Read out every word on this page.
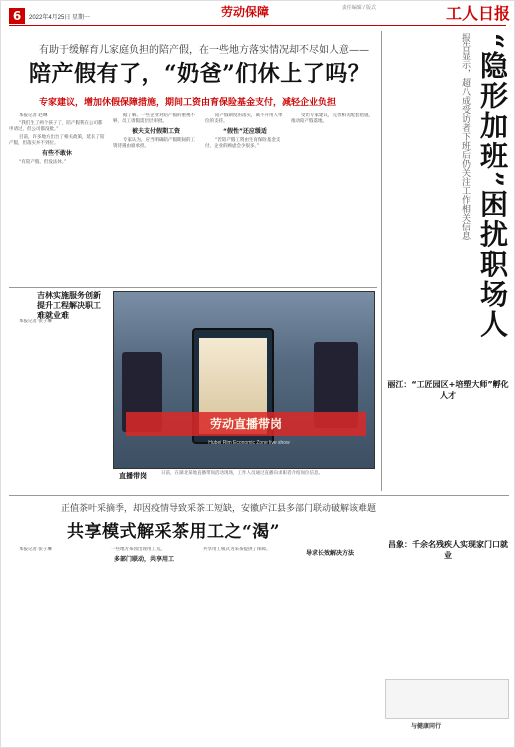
6	2022年4月25日 星期一	劳动保障	责任编辑 / 版式	工人日报
有助于缓解育儿家庭负担的陪产假，在一些地方落实情况却不尽如人意——
陪产假有了，“奶爸”们休上了吗？
专家建议，增加休假保障措施，期间工资由育保险基金支付，减轻企业负担

本报记者 赵琳

“我们生了两个孩子了，陪产假我在公司都申请过，但公司都没批。”

目前，许多地方出台了相关政策，延长了陪产假，但落实并不到位。

有些不敢休

“有陪产假，但没法休。”

据了解，一些企业对陪产假的重视不够，员工请假需层层审批。

被夫支付假期工资

专家认为，应当明确陪产假期间的工资待遇由谁承担。

陪产假制度的落实，离不开用人单位的支持。

“假性”还应缓适

“若陪产假工资由生育保险基金支付，企业的顾虑会少很多。”

受访专家建议，完善相关配套措施，推动陪产假落地。

吉林实施服务创新提升工程解决职工难就业难

本报记者 张子琳

劳动直播带岗
Hubei Rim Economic Zone live show
直播带岗	日前，在湖北某地直播带岗活动现场，工作人员通过直播向求职者介绍岗位信息。
正值茶叶采摘季，却因疫情导致采茶工短缺，安徽庐江县多部门联动破解该难题
共享模式解采茶用工之“渴”

本报记者 张子琳	一些地方茶园出现用工荒。

多部门联动，共享用工

共享用工模式为采茶提供了保障。

导求长效解决方法
报告显示，超八成受访者下班后仍关注工作相关信息 “隐形加班”困扰职场人
丽江：“工匠园区+培塑大师”孵化人才
昌象：千余名残疾人实现家门口就业
与健康同行
